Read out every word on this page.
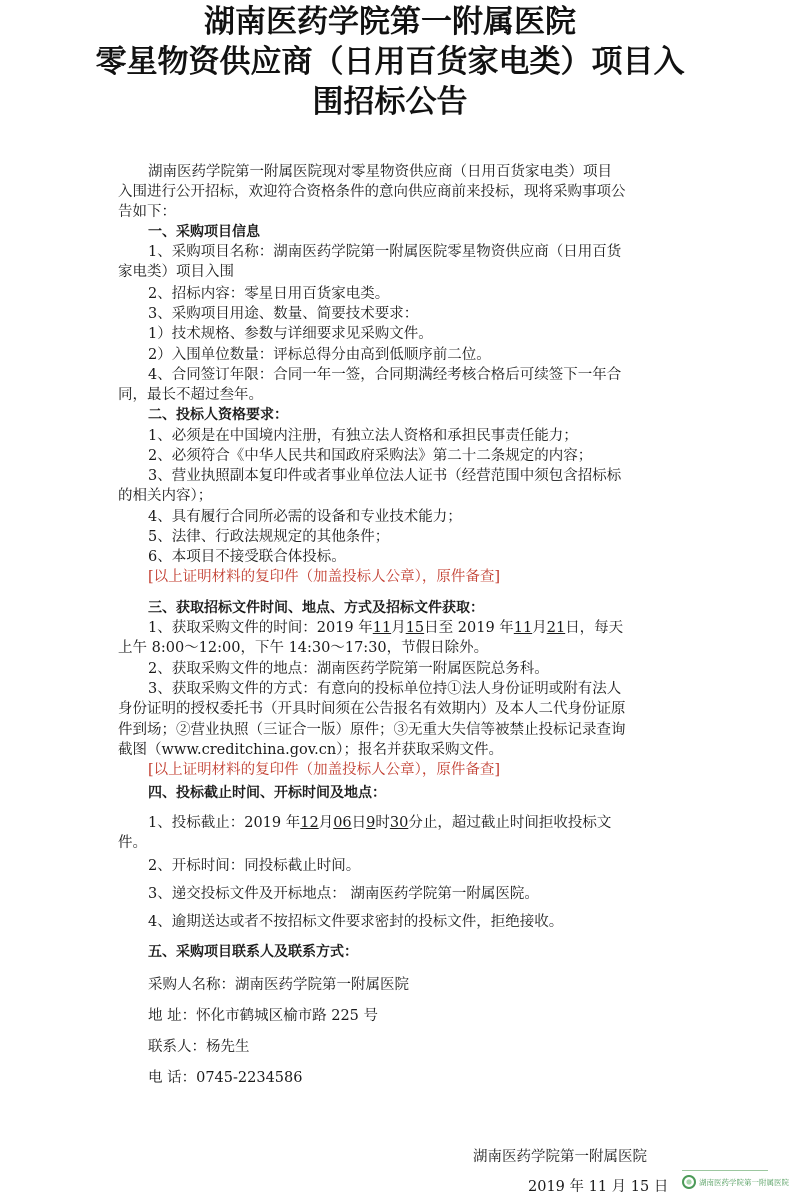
湖南医药学院第一附属医院
零星物资供应商（日用百货家电类）项目入
围招标公告
湖南医药学院第一附属医院现对零星物资供应商（日用百货家电类）项目
入围进行公开招标，欢迎符合资格条件的意向供应商前来投标，现将采购事项公
告如下：
一、采购项目信息
1、采购项目名称：湖南医药学院第一附属医院零星物资供应商（日用百货
家电类）项目入围
2、招标内容：零星日用百货家电类。
3、采购项目用途、数量、简要技术要求：
1）技术规格、参数与详细要求见采购文件。
2）入围单位数量：评标总得分由高到低顺序前二位。
4、合同签订年限：合同一年一签，合同期满经考核合格后可续签下一年合
同，最长不超过叁年。
二、投标人资格要求：
1、必须是在中国境内注册，有独立法人资格和承担民事责任能力；
2、必须符合《中华人民共和国政府采购法》第二十二条规定的内容；
3、营业执照副本复印件或者事业单位法人证书（经营范围中须包含招标标
的相关内容）；
4、具有履行合同所必需的设备和专业技术能力；
5、法律、行政法规规定的其他条件；
6、本项目不接受联合体投标。
[以上证明材料的复印件（加盖投标人公章），原件备查]
三、获取招标文件时间、地点、方式及招标文件获取：
1、获取采购文件的时间：2019 年11月15日至 2019 年11月21日，每天
上午 8:00～12:00，下午 14:30～17:30，节假日除外。
2、获取采购文件的地点：湖南医药学院第一附属医院总务科。
3、获取采购文件的方式：有意向的投标单位持①法人身份证明或附有法人
身份证明的授权委托书（开具时间须在公告报名有效期内）及本人二代身份证原
件到场；②营业执照（三证合一版）原件；③无重大失信等被禁止投标记录查询
截图（www.creditchina.gov.cn）；报名并获取采购文件。
[以上证明材料的复印件（加盖投标人公章），原件备查]
四、投标截止时间、开标时间及地点：
1、投标截止：2019 年12月06日9时30分止，超过截止时间拒收投标文
件。
2、开标时间：同投标截止时间。
3、递交投标文件及开标地点： 湖南医药学院第一附属医院。
4、逾期送达或者不按招标文件要求密封的投标文件，拒绝接收。
五、采购项目联系人及联系方式：
采购人名称：湖南医药学院第一附属医院
地 址：怀化市鹤城区榆市路 225 号
联系人：杨先生
电 话：0745-2234586
湖南医药学院第一附属医院
2019 年 11 月 15 日	湖南医药学院第一附属医院
